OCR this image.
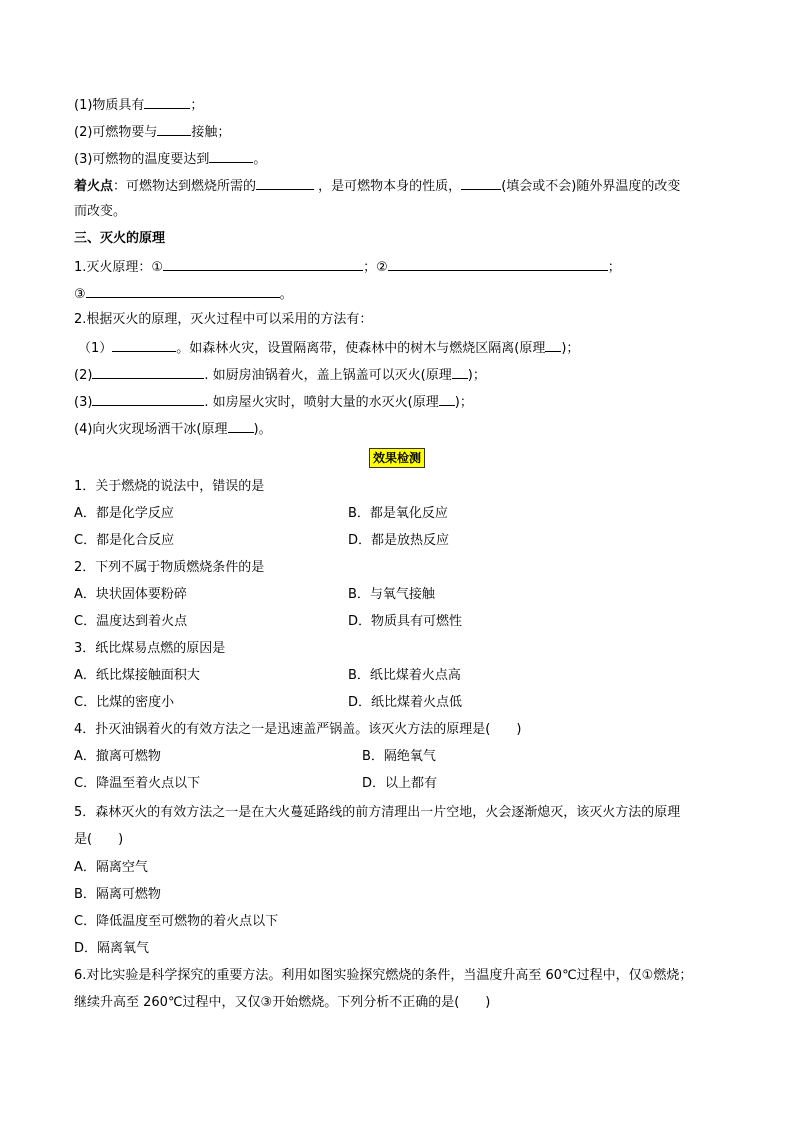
(1)物质具有	；
(2)可燃物要与	接触；
(3)可燃物的温度要达到	。
着火点：可燃物达到燃烧所需的	，是可燃物本身的性质，	(填会或不会)随外界温度的改变
而改变。
三、灭火的原理
1.灭火原理：①	；②	；
③	。
2.根据灭火的原理，灭火过程中可以采用的方法有：
（1）	。如森林火灾，设置隔离带，使森林中的树木与燃烧区隔离(原理 )；
(2)	. 如厨房油锅着火，盖上锅盖可以灭火(原理 )；
(3)	. 如房屋火灾时，喷射大量的水灭火(原理 )；
(4)向火灾现场洒干冰(原理 )。
效果检测
1．关于燃烧的说法中，错误的是
A．都是化学反应	B．都是氧化反应
C．都是化合反应	D．都是放热反应
2．下列不属于物质燃烧条件的是
A．块状固体要粉碎	B．与氧气接触
C．温度达到着火点	D．物质具有可燃性
3．纸比煤易点燃的原因是
A．纸比煤接触面积大	B．纸比煤着火点高
C．比煤的密度小	D．纸比煤着火点低
4．扑灭油锅着火的有效方法之一是迅速盖严锅盖。该灭火方法的原理是(　　)
A．撤离可燃物	B．隔绝氧气
C．降温至着火点以下	D．以上都有
5．森林灭火的有效方法之一是在大火蔓延路线的前方清理出一片空地，火会逐渐熄灭，该灭火方法的原理
是(　　)
A．隔离空气
B．隔离可燃物
C．降低温度至可燃物的着火点以下
D．隔离氧气
6.对比实验是科学探究的重要方法。利用如图实验探究燃烧的条件，当温度升高至 60℃过程中，仅①燃烧；
继续升高至 260℃过程中，又仅③开始燃烧。下列分析不正确的是(　　)
